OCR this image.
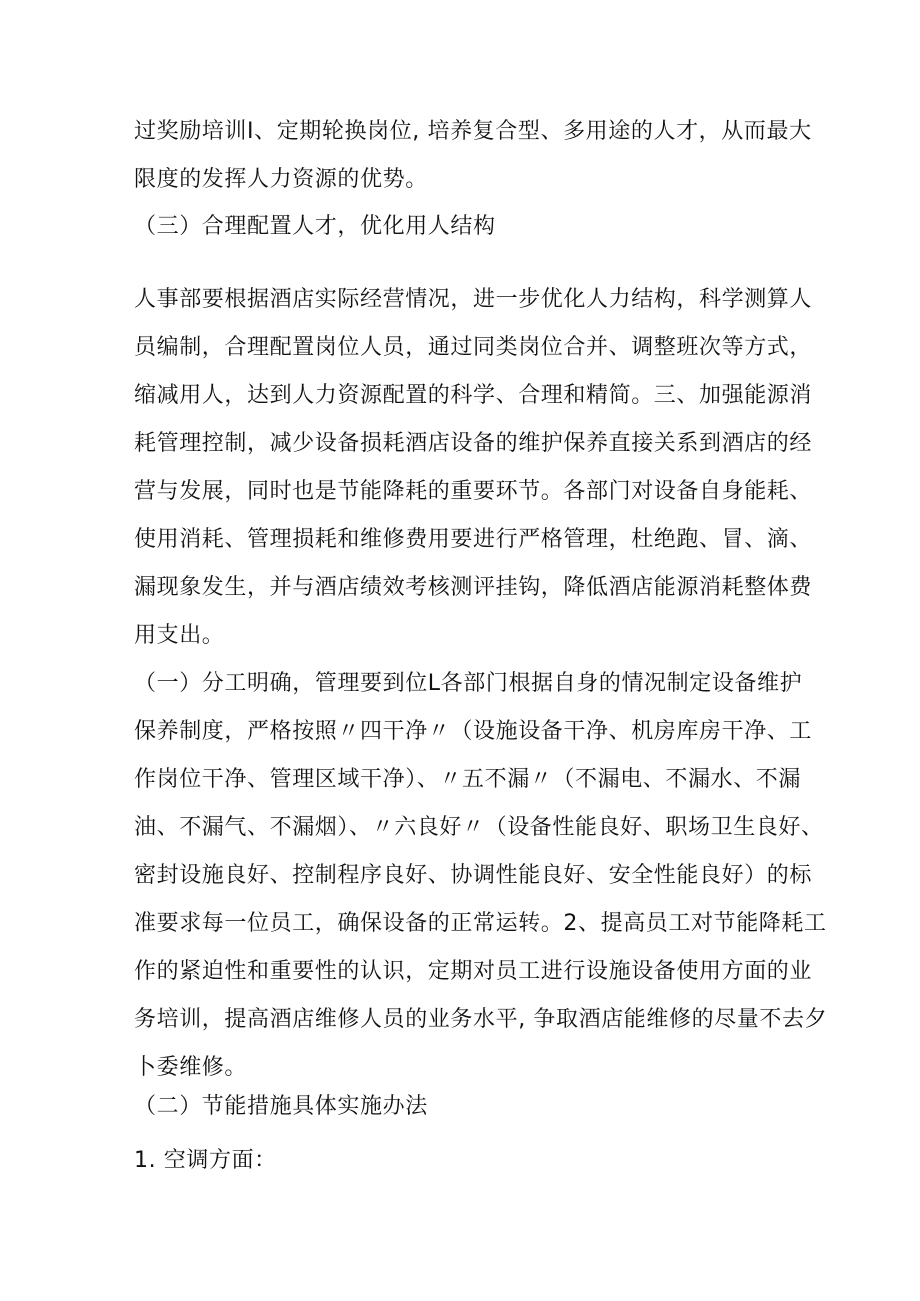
过奖励培训I、定期轮换岗位, 培养复合型、多用途的人才，从而最大
限度的发挥人力资源的优势。
（三）合理配置人才，优化用人结构
人事部要根据酒店实际经营情况，进一步优化人力结构，科学测算人
员编制，合理配置岗位人员，通过同类岗位合并、调整班次等方式，
缩减用人，达到人力资源配置的科学、合理和精简。三、加强能源消
耗管理控制，减少设备损耗酒店设备的维护保养直接关系到酒店的经
营与发展，同时也是节能降耗的重要环节。各部门对设备自身能耗、
使用消耗、管理损耗和维修费用要进行严格管理，杜绝跑、冒、滴、
漏现象发生，并与酒店绩效考核测评挂钩，降低酒店能源消耗整体费
用支出。
（一）分工明确，管理要到位L各部门根据自身的情况制定设备维护
保养制度，严格按照〃四干净〃（设施设备干净、机房库房干净、工
作岗位干净、管理区域干净）、〃五不漏〃（不漏电、不漏水、不漏
油、不漏气、不漏烟）、〃六良好〃（设备性能良好、职场卫生良好、
密封设施良好、控制程序良好、协调性能良好、安全性能良好）的标
准要求每一位员工，确保设备的正常运转。2、提高员工对节能降耗工
作的紧迫性和重要性的认识，定期对员工进行设施设备使用方面的业
务培训，提高酒店维修人员的业务水平, 争取酒店能维修的尽量不去夕
卜委维修。
（二）节能措施具体实施办法
1. 空调方面：
